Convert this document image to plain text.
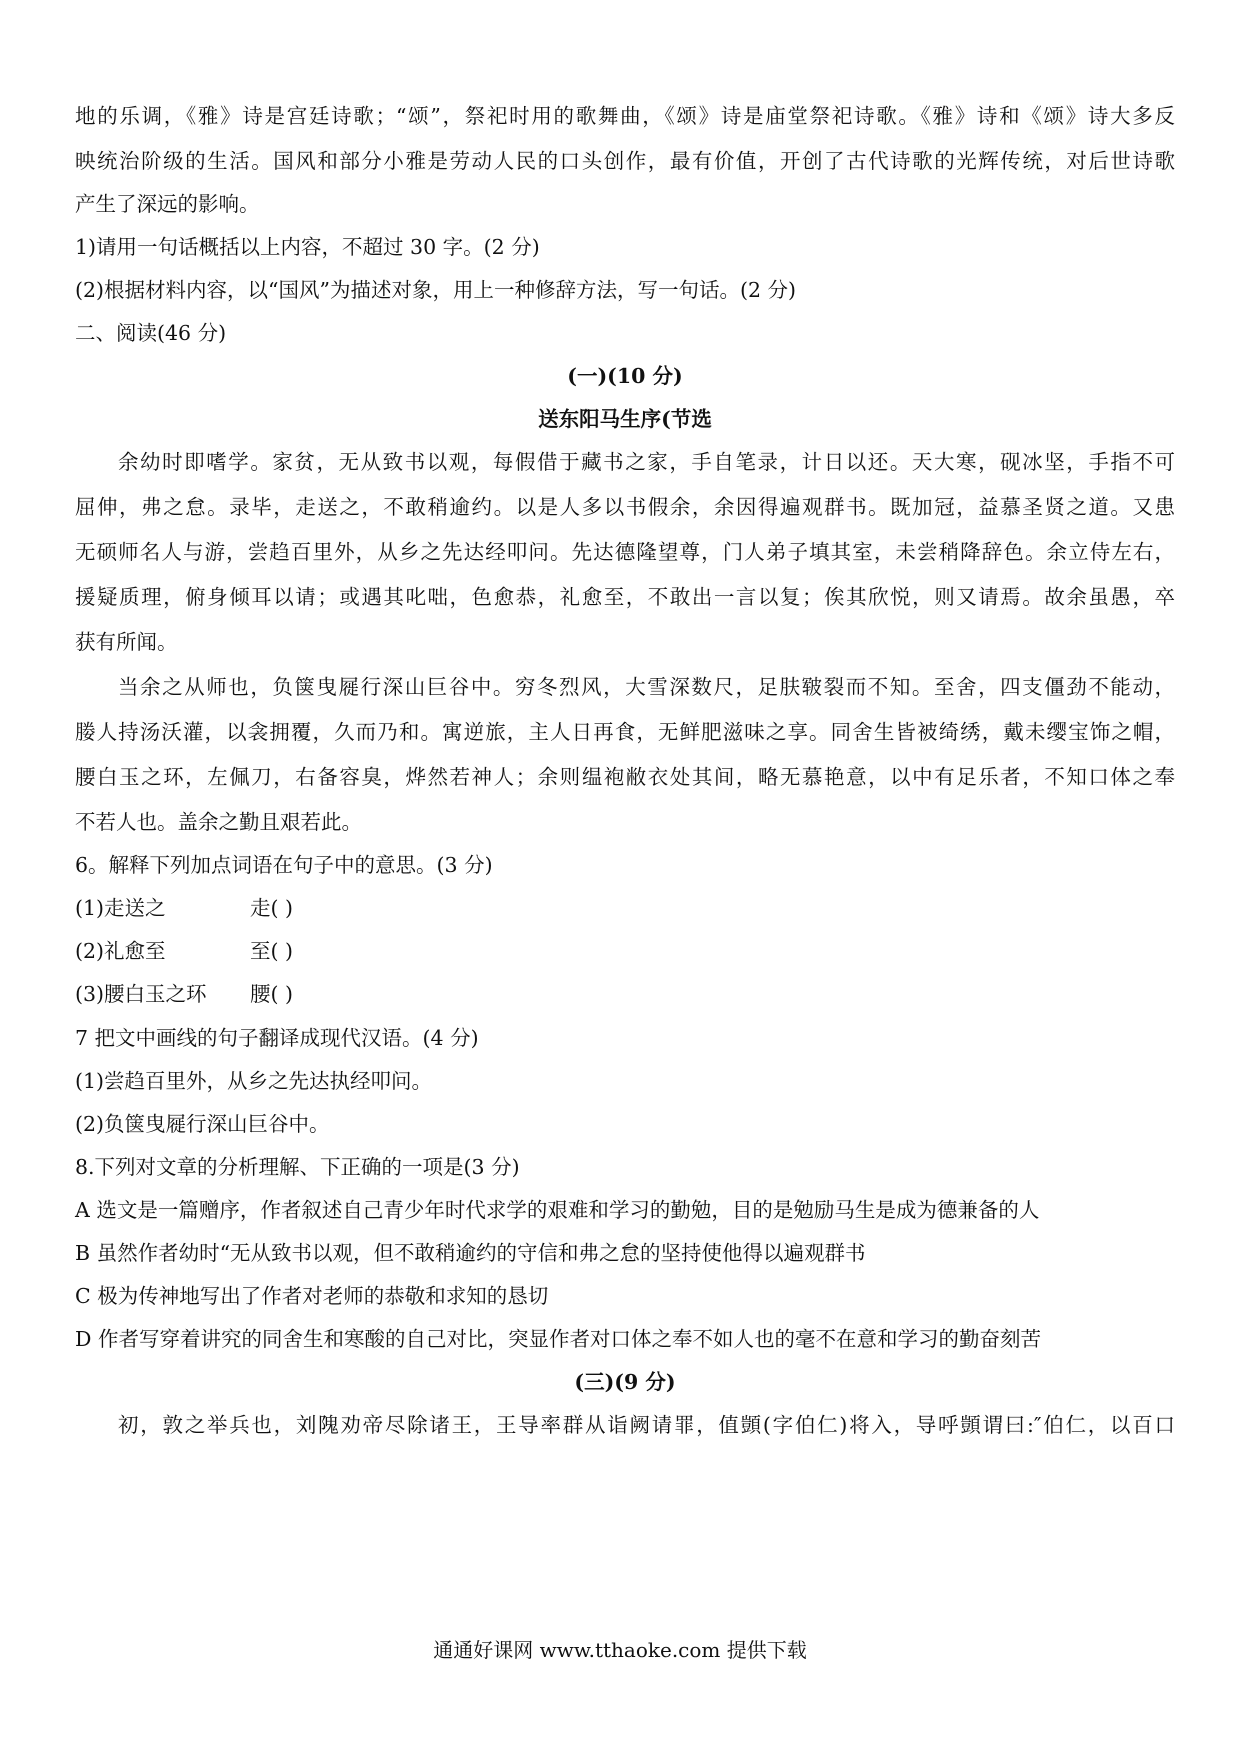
地的乐调，《雅》诗是宫廷诗歌；“颂”，祭祀时用的歌舞曲，《颂》诗是庙堂祭祀诗歌。《雅》诗和《颂》诗大多反
映统治阶级的生活。国风和部分小雅是劳动人民的口头创作，最有价值，开创了古代诗歌的光辉传统，对后世诗歌
产生了深远的影响。
1)请用一句话概括以上内容，不超过 30 字。(2 分)
(2)根据材料内容，以“国风”为描述对象，用上一种修辞方法，写一句话。(2 分)
二、阅读(46 分)
(一)(10 分)
送东阳马生序(节选
余幼时即嗜学。家贫，无从致书以观，每假借于藏书之家，手自笔录，计日以还。天大寒，砚冰坚，手指不可
屈伸，弗之怠。录毕，走送之，不敢稍逾约。以是人多以书假余，余因得遍观群书。既加冠，益慕圣贤之道。又患
无硕师名人与游，尝趋百里外，从乡之先达经叩问。先达德隆望尊，门人弟子填其室，未尝稍降辞色。余立侍左右，
援疑质理，俯身倾耳以请；或遇其叱咄，色愈恭，礼愈至，不敢出一言以复；俟其欣悦，则又请焉。故余虽愚，卒
获有所闻。
当余之从师也，负箧曳屣行深山巨谷中。穷冬烈风，大雪深数尺，足肤皲裂而不知。至舍，四支僵劲不能动，
媵人持汤沃灌，以衾拥覆，久而乃和。寓逆旅，主人日再食，无鲜肥滋味之享。同舍生皆被绮绣，戴未缨宝饰之帽，
腰白玉之环，左佩刀，右备容臭，烨然若神人；余则缊袍敝衣处其间，略无慕艳意，以中有足乐者，不知口体之奉
不若人也。盖余之勤且艰若此。
6。解释下列加点词语在句子中的意思。(3 分)
(1)走送之	走( )
(2)礼愈至	至( )
(3)腰白玉之环 腰( )
7 把文中画线的句子翻译成现代汉语。(4 分)
(1)尝趋百里外，从乡之先达执经叩问。
(2)负箧曳屣行深山巨谷中。
8.下列对文章的分析理解、下正确的一项是(3 分)
A 选文是一篇赠序，作者叙述自己青少年时代求学的艰难和学习的勤勉，目的是勉励马生是成为德兼备的人
B 虽然作者幼时“无从致书以观，但不敢稍逾约的守信和弗之怠的坚持使他得以遍观群书
C 极为传神地写出了作者对老师的恭敬和求知的恳切
D 作者写穿着讲究的同舍生和寒酸的自己对比，突显作者对口体之奉不如人也的毫不在意和学习的勤奋刻苦
(三)(9 分)
初，敦之举兵也，刘隗劝帝尽除诸王，王导率群从诣阙请罪，值顗(字伯仁)将入，导呼顗谓曰:″伯仁，以百口
通通好课网 www.tthaoke.com 提供下载
